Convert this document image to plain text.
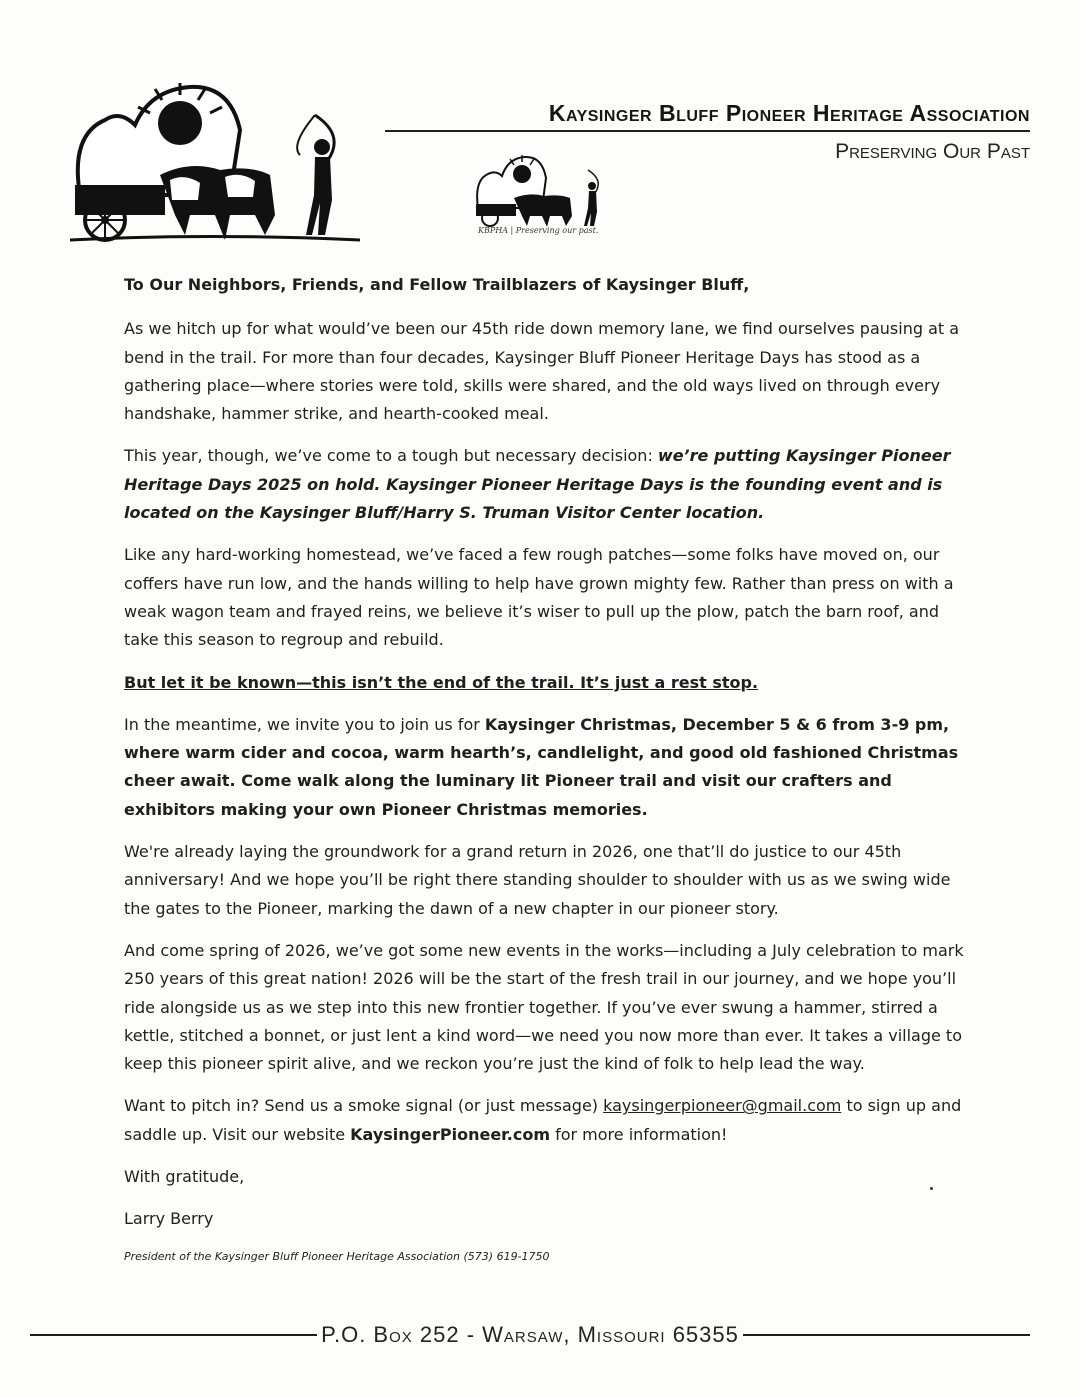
KBPHA | Preserving our past.
Kaysinger Bluff Pioneer Heritage Association
Preserving Our Past

To Our Neighbors, Friends, and Fellow Trailblazers of Kaysinger Bluff,

As we hitch up for what would’ve been our 45th ride down memory lane, we find ourselves pausing at a bend in the trail. For more than four decades, Kaysinger Bluff Pioneer Heritage Days has stood as a gathering place—where stories were told, skills were shared, and the old ways lived on through every handshake, hammer strike, and hearth-cooked meal.

This year, though, we’ve come to a tough but necessary decision: we’re putting Kaysinger Pioneer Heritage Days 2025 on hold. Kaysinger Pioneer Heritage Days is the founding event and is located on the Kaysinger Bluff/Harry S. Truman Visitor Center location.

Like any hard-working homestead, we’ve faced a few rough patches—some folks have moved on, our coffers have run low, and the hands willing to help have grown mighty few. Rather than press on with a weak wagon team and frayed reins, we believe it’s wiser to pull up the plow, patch the barn roof, and take this season to regroup and rebuild.

But let it be known—this isn’t the end of the trail. It’s just a rest stop.

In the meantime, we invite you to join us for Kaysinger Christmas, December 5 & 6 from 3-9 pm, where warm cider and cocoa, warm hearth’s, candlelight, and good old fashioned Christmas cheer await. Come walk along the luminary lit Pioneer trail and visit our crafters and exhibitors making your own Pioneer Christmas memories.

We're already laying the groundwork for a grand return in 2026, one that’ll do justice to our 45th anniversary! And we hope you’ll be right there standing shoulder to shoulder with us as we swing wide the gates to the Pioneer, marking the dawn of a new chapter in our pioneer story.

And come spring of 2026, we’ve got some new events in the works—including a July celebration to mark 250 years of this great nation! 2026 will be the start of the fresh trail in our journey, and we hope you’ll ride alongside us as we step into this new frontier together. If you’ve ever swung a hammer, stirred a kettle, stitched a bonnet, or just lent a kind word—we need you now more than ever. It takes a village to keep this pioneer spirit alive, and we reckon you’re just the kind of folk to help lead the way.

Want to pitch in? Send us a smoke signal (or just message) kaysingerpioneer@gmail.com to sign up and saddle up. Visit our website KaysingerPioneer.com for more information!

With gratitude,

Larry Berry

President of the Kaysinger Bluff Pioneer Heritage Association (573) 619-1750

P.O. Box 252 - Warsaw, Missouri 65355
